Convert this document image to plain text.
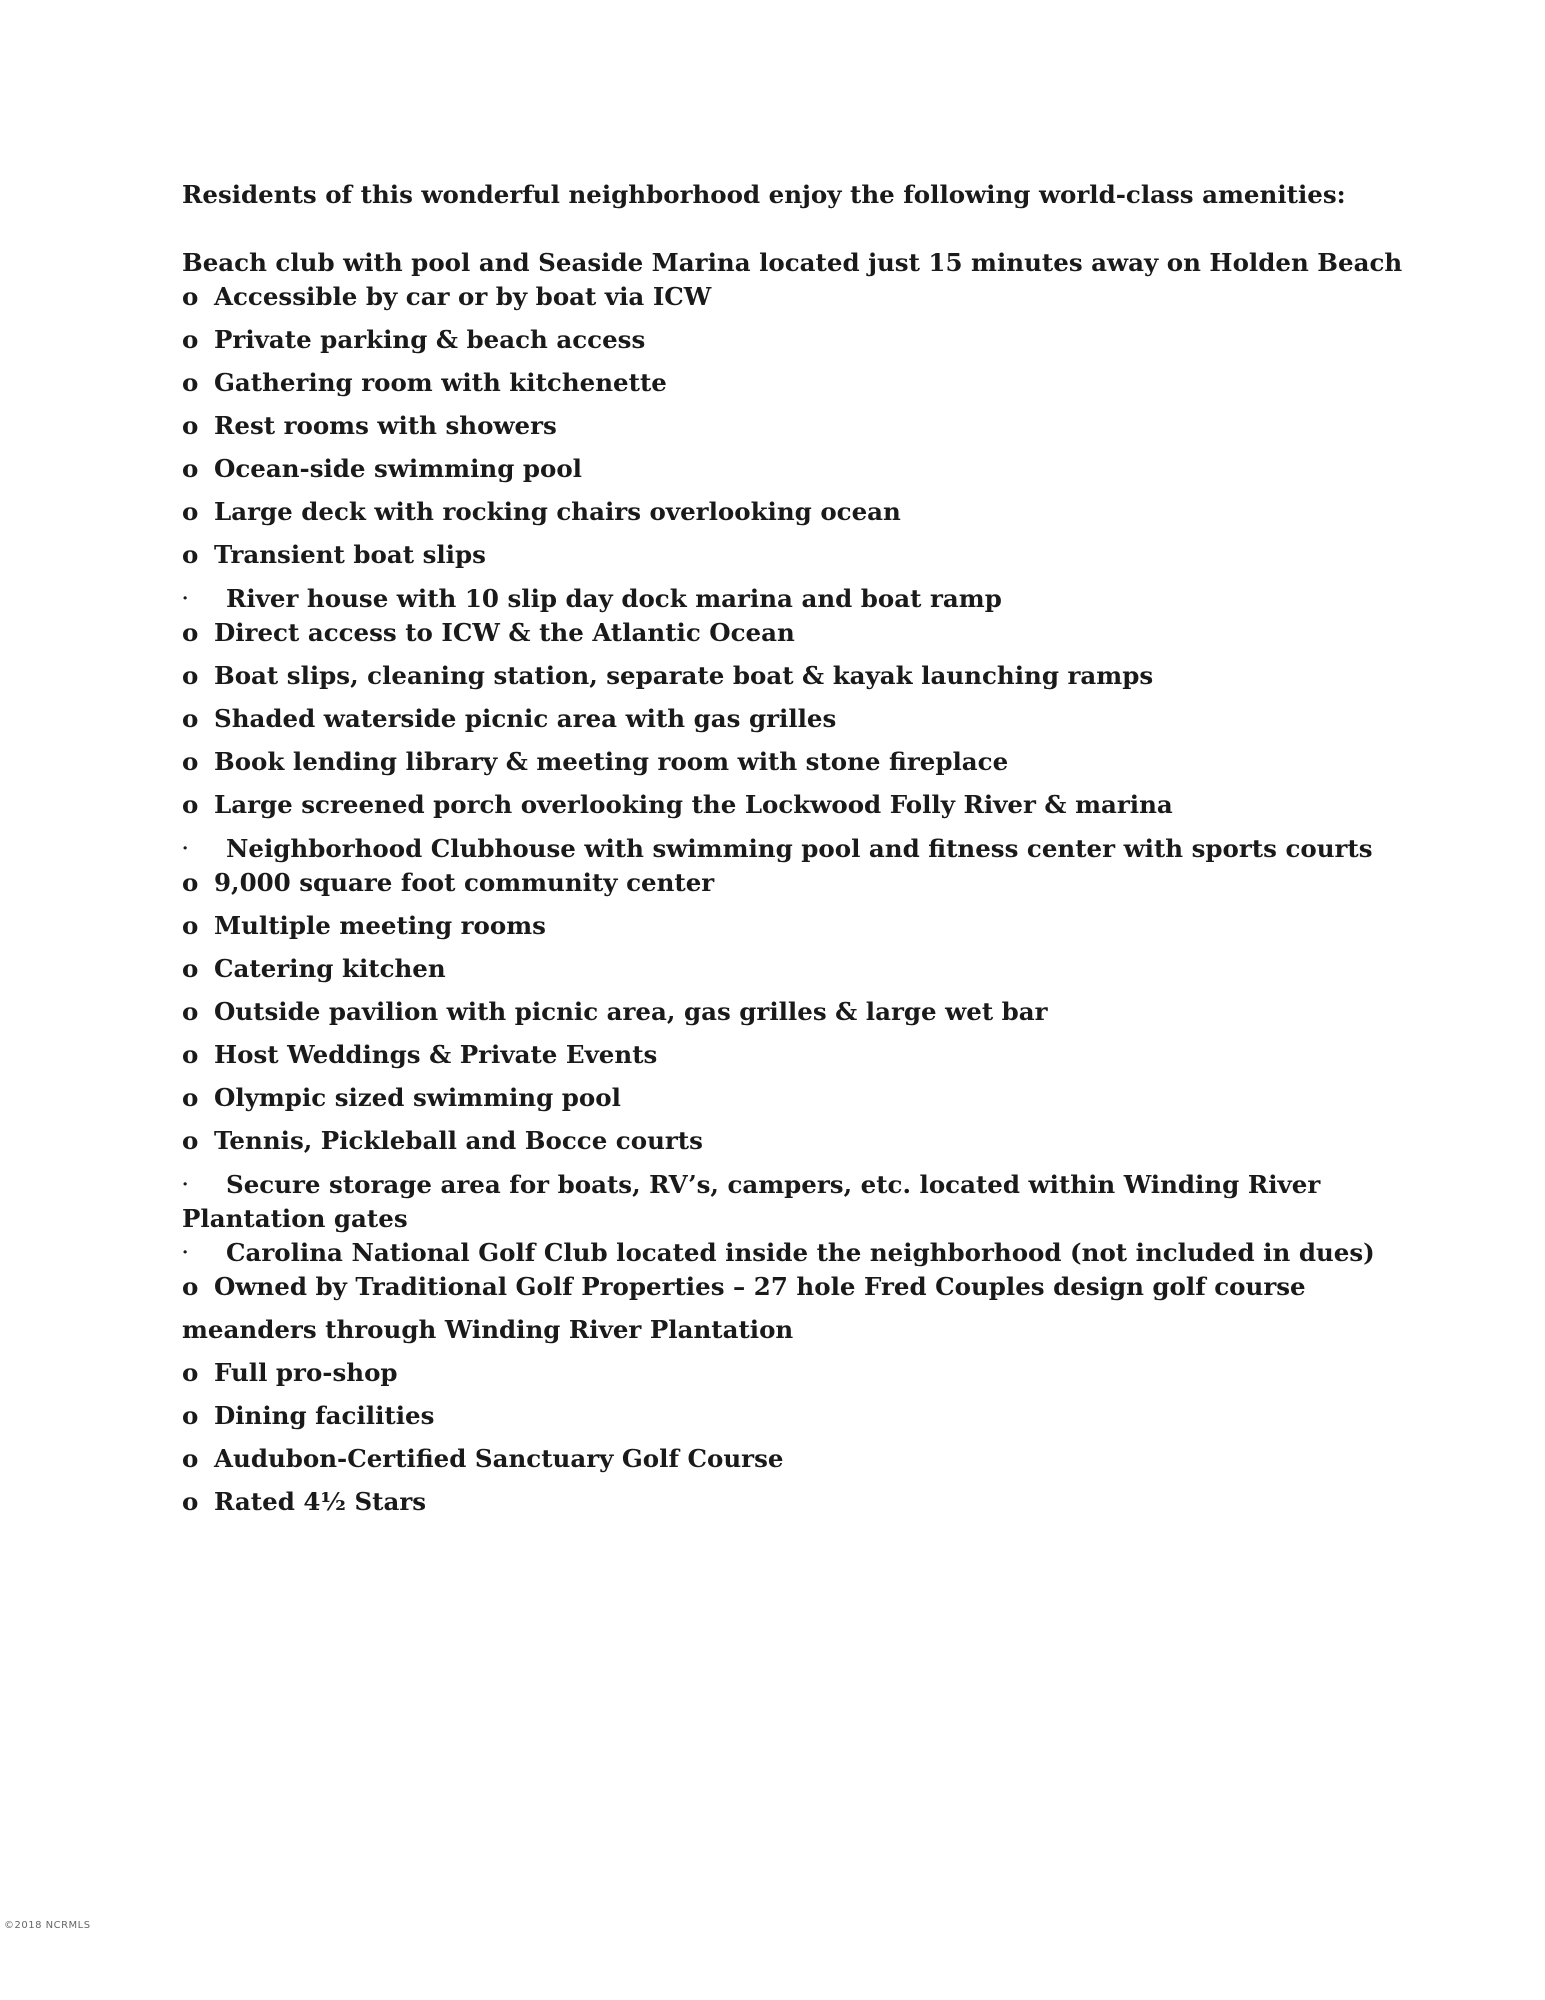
Residents of this wonderful neighborhood enjoy the following world-class amenities:
Beach club with pool and Seaside Marina located just 15 minutes away on Holden Beach
o Accessible by car or by boat via ICW
o Private parking & beach access
o Gathering room with kitchenette
o Rest rooms with showers
o Ocean-side swimming pool
o Large deck with rocking chairs overlooking ocean
o Transient boat slips
· River house with 10 slip day dock marina and boat ramp
o Direct access to ICW & the Atlantic Ocean
o Boat slips, cleaning station, separate boat & kayak launching ramps
o Shaded waterside picnic area with gas grilles
o Book lending library & meeting room with stone fireplace
o Large screened porch overlooking the Lockwood Folly River & marina
· Neighborhood Clubhouse with swimming pool and fitness center with sports courts
o 9,000 square foot community center
o Multiple meeting rooms
o Catering kitchen
o Outside pavilion with picnic area, gas grilles & large wet bar
o Host Weddings & Private Events
o Olympic sized swimming pool
o Tennis, Pickleball and Bocce courts
· Secure storage area for boats, RV’s, campers, etc. located within Winding River
Plantation gates
· Carolina National Golf Club located inside the neighborhood (not included in dues)
o Owned by Traditional Golf Properties – 27 hole Fred Couples design golf course
meanders through Winding River Plantation
o Full pro-shop
o Dining facilities
o Audubon-Certified Sanctuary Golf Course
o Rated 4½ Stars
©2018 NCRMLS
